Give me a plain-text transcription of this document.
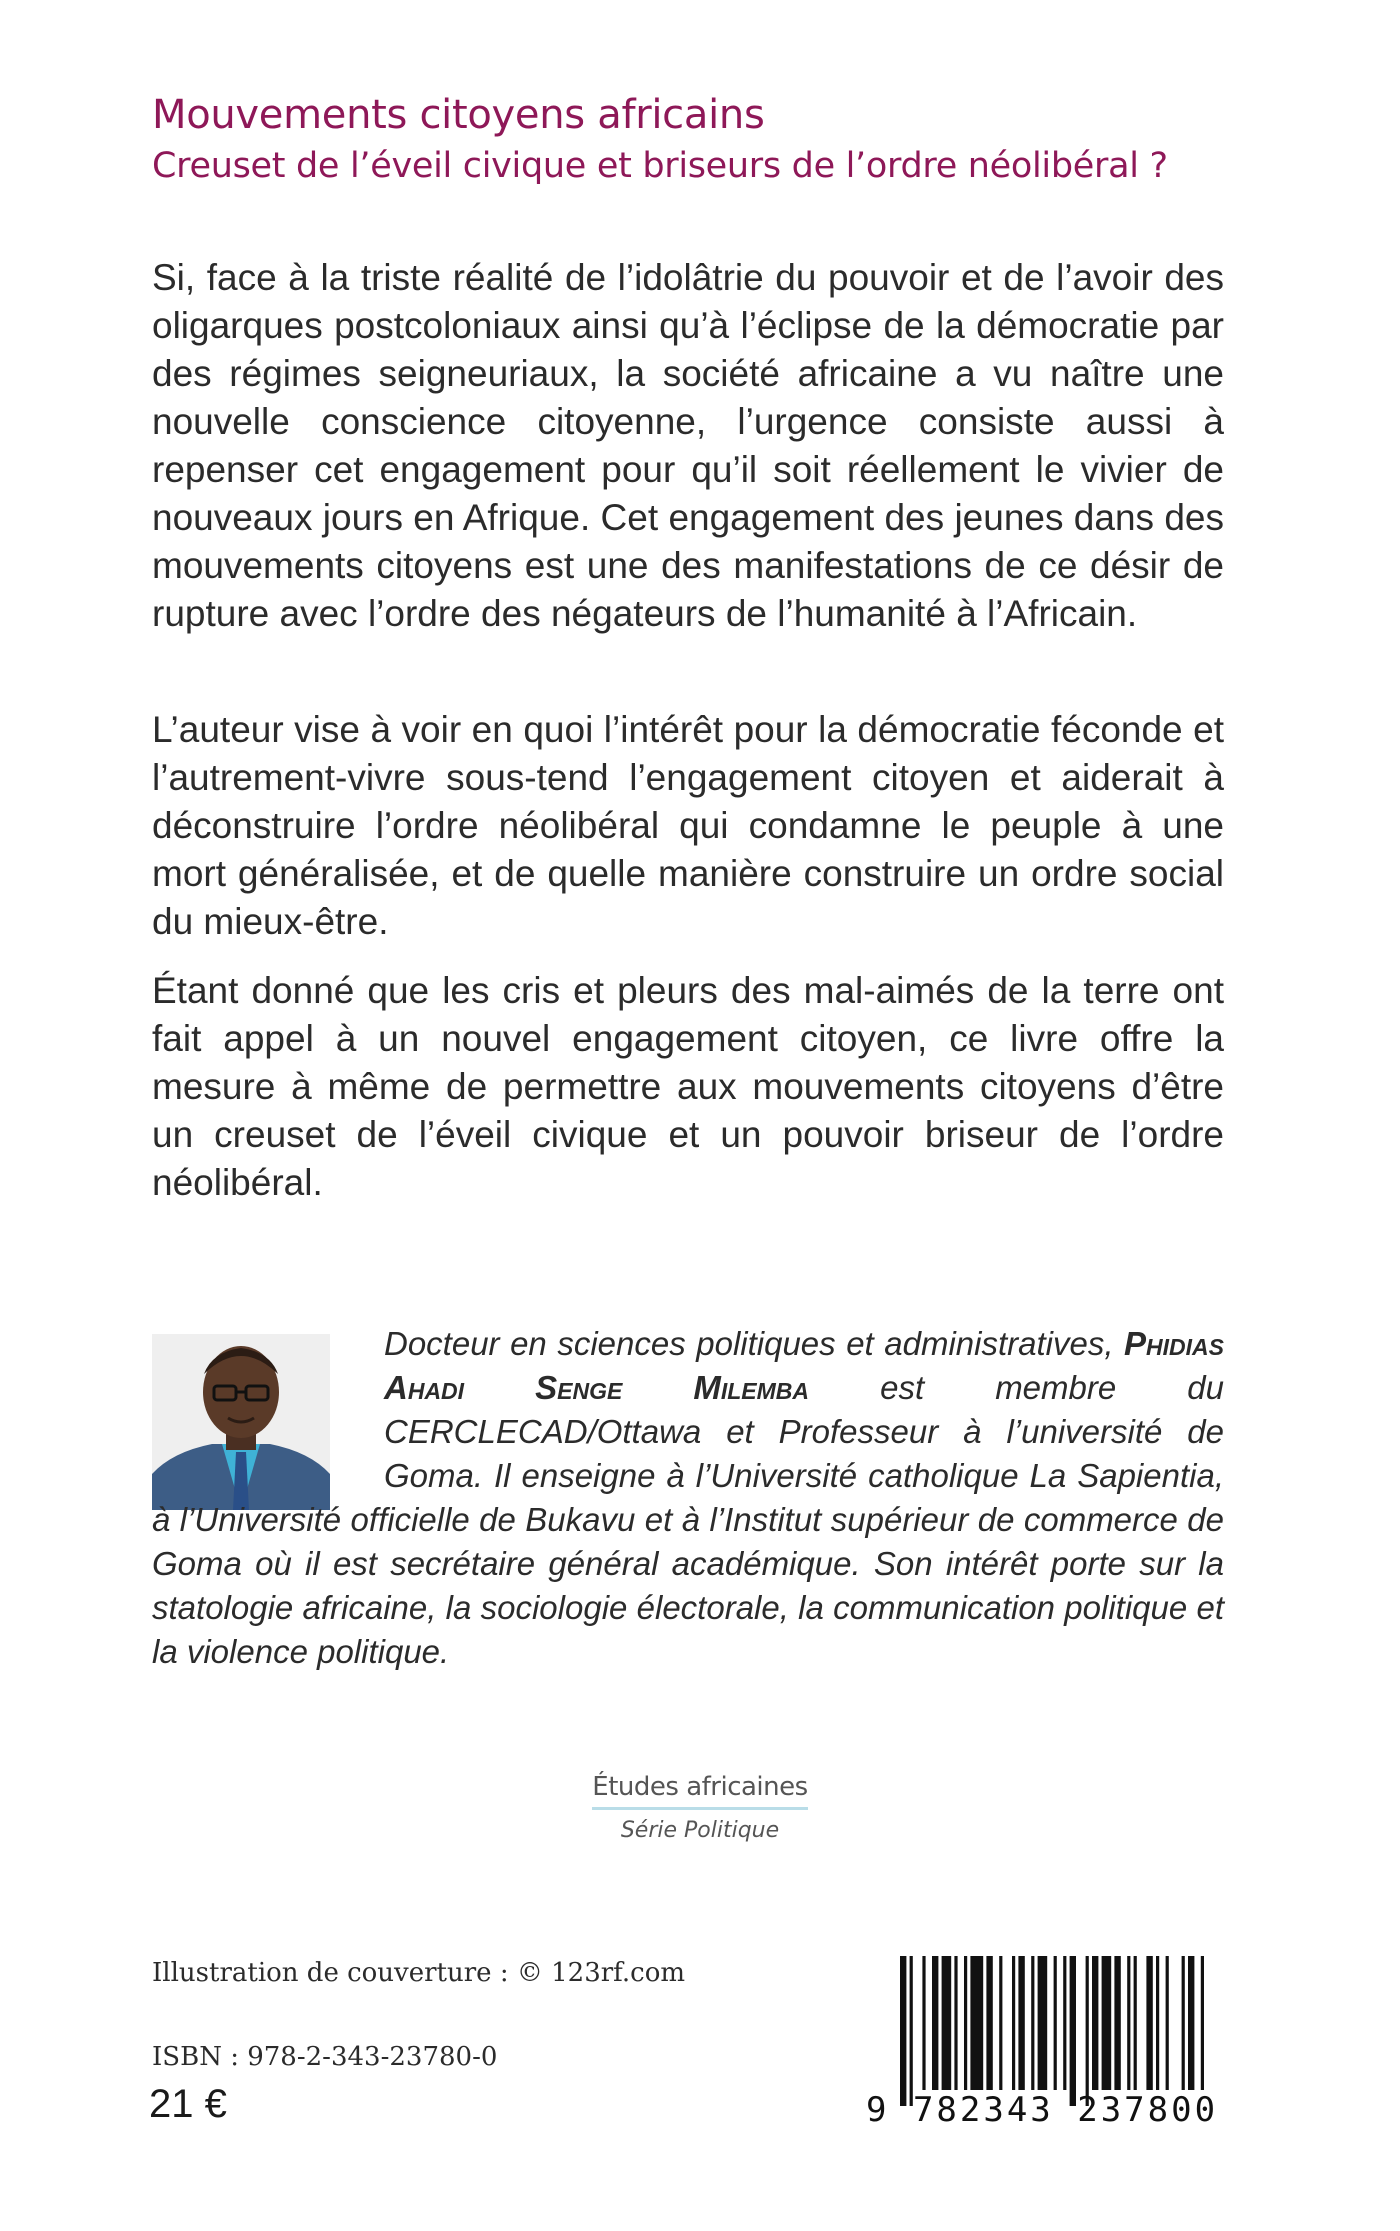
Mouvements citoyens africains
Creuset de l’éveil civique et briseurs de l’ordre néolibéral ?

Si, face à la triste réalité de l’idolâtrie du pouvoir et de l’avoir des oligarques postcoloniaux ainsi qu’à l’éclipse de la démocratie par des régimes seigneuriaux, la société africaine a vu naître une nouvelle conscience citoyenne, l’urgence consiste aussi à repenser cet engagement pour qu’il soit réellement le vivier de nouveaux jours en Afrique. Cet engagement des jeunes dans des mouvements citoyens est une des manifestations de ce désir de rupture avec l’ordre des négateurs de l’humanité à l’Africain.

L’auteur vise à voir en quoi l’intérêt pour la démocratie féconde et l’autrement-vivre sous-tend l’engagement citoyen et aiderait à déconstruire l’ordre néolibéral qui condamne le peuple à une mort généralisée, et de quelle manière construire un ordre social du mieux-être.

Étant donné que les cris et pleurs des mal-aimés de la terre ont fait appel à un nouvel engagement citoyen, ce livre offre la mesure à même de permettre aux mouvements citoyens d’être un creuset de l’éveil civique et un pouvoir briseur de l’ordre néolibéral.

Docteur en sciences politiques et administratives, Phidias Ahadi Senge Milemba est membre du CERCLECAD/Ottawa et Professeur à l’université de Goma. Il enseigne à l’Université catholique La Sapientia, à l’Université officielle de Bukavu et à l’Institut supérieur de commerce de Goma où il est secrétaire général académique. Son intérêt porte sur la statologie africaine, la sociologie électorale, la communication politique et la violence politique.

Études africaines
Série Politique
Illustration de couverture : © 123rf.com
ISBN : 978-2-343-23780-0
21 €	9 782343 237800
